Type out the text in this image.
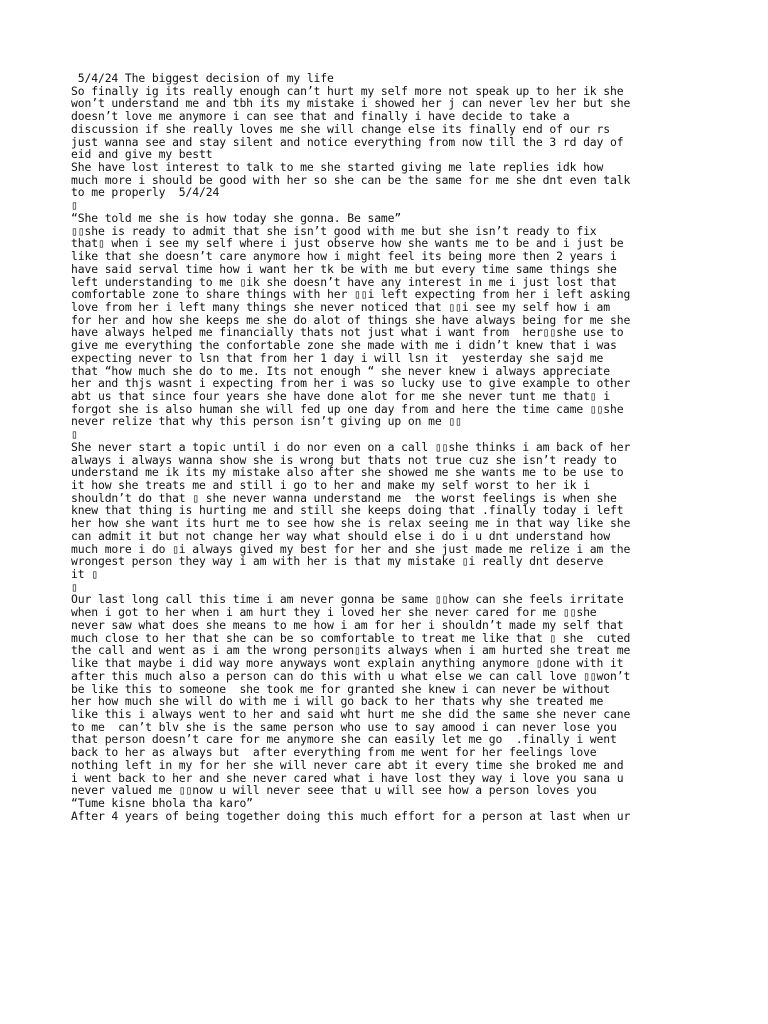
5/4/24 The biggest decision of my life
So finally ig its really enough can’t hurt my self more not speak up to her ik she
won’t understand me and tbh its my mistake i showed her j can never lev her but she
doesn’t love me anymore i can see that and finally i have decide to take a
discussion if she really loves me she will change else its finally end of our rs
just wanna see and stay silent and notice everything from now till the 3 rd day of
eid and give my bestt
She have lost interest to talk to me she started giving me late replies idk how
much more i should be good with her so she can be the same for me she dnt even talk
to me properly  5/4/24
▯
“She told me she is how today she gonna. Be same”
▯▯she is ready to admit that she isn’t good with me but she isn’t ready to fix
that▯ when i see my self where i just observe how she wants me to be and i just be
like that she doesn’t care anymore how i might feel its being more then 2 years i
have said serval time how i want her tk be with me but every time same things she
left understanding to me ▯ik she doesn’t have any interest in me i just lost that
comfortable zone to share things with her ▯▯i left expecting from her i left asking
love from her i left many things she never noticed that ▯▯i see my self how i am
for her and how she keeps me she do alot of things she have always being for me she
have always helped me financially thats not just what i want from  her▯▯she use to
give me everything the confortable zone she made with me i didn’t knew that i was
expecting never to lsn that from her 1 day i will lsn it  yesterday she sajd me
that “how much she do to me. Its not enough “ she never knew i always appreciate
her and thjs wasnt i expecting from her i was so lucky use to give example to other
abt us that since four years she have done alot for me she never tunt me that▯ i
forgot she is also human she will fed up one day from and here the time came ▯▯she
never relize that why this person isn’t giving up on me ▯▯
▯
She never start a topic until i do nor even on a call ▯▯she thinks i am back of her
always i always wanna show she is wrong but thats not true cuz she isn’t ready to
understand me ik its my mistake also after she showed me she wants me to be use to
it how she treats me and still i go to her and make my self worst to her ik i
shouldn’t do that ▯ she never wanna understand me  the worst feelings is when she
knew that thing is hurting me and still she keeps doing that .finally today i left
her how she want its hurt me to see how she is relax seeing me in that way like she
can admit it but not change her way what should else i do i u dnt understand how
much more i do ▯i always gived my best for her and she just made me relize i am the
wrongest person they way i am with her is that my mistake ▯i really dnt deserve
it ▯
▯
Our last long call this time i am never gonna be same ▯▯how can she feels irritate
when i got to her when i am hurt they i loved her she never cared for me ▯▯she
never saw what does she means to me how i am for her i shouldn’t made my self that
much close to her that she can be so comfortable to treat me like that ▯ she  cuted
the call and went as i am the wrong person▯its always when i am hurted she treat me
like that maybe i did way more anyways wont explain anything anymore ▯done with it
after this much also a person can do this with u what else we can call love ▯▯won’t
be like this to someone  she took me for granted she knew i can never be without
her how much she will do with me i will go back to her thats why she treated me
like this i always went to her and said wht hurt me she did the same she never cane
to me  can’t blv she is the same person who use to say amood i can never lose you
that person doesn’t care for me anymore she can easily let me go  .finally i went
back to her as always but  after everything from me went for her feelings love
nothing left in my for her she will never care abt it every time she broked me and
i went back to her and she never cared what i have lost they way i love you sana u
never valued me ▯▯now u will never seee that u will see how a person loves you
“Tume kisne bhola tha karo”
After 4 years of being together doing this much effort for a person at last when ur
